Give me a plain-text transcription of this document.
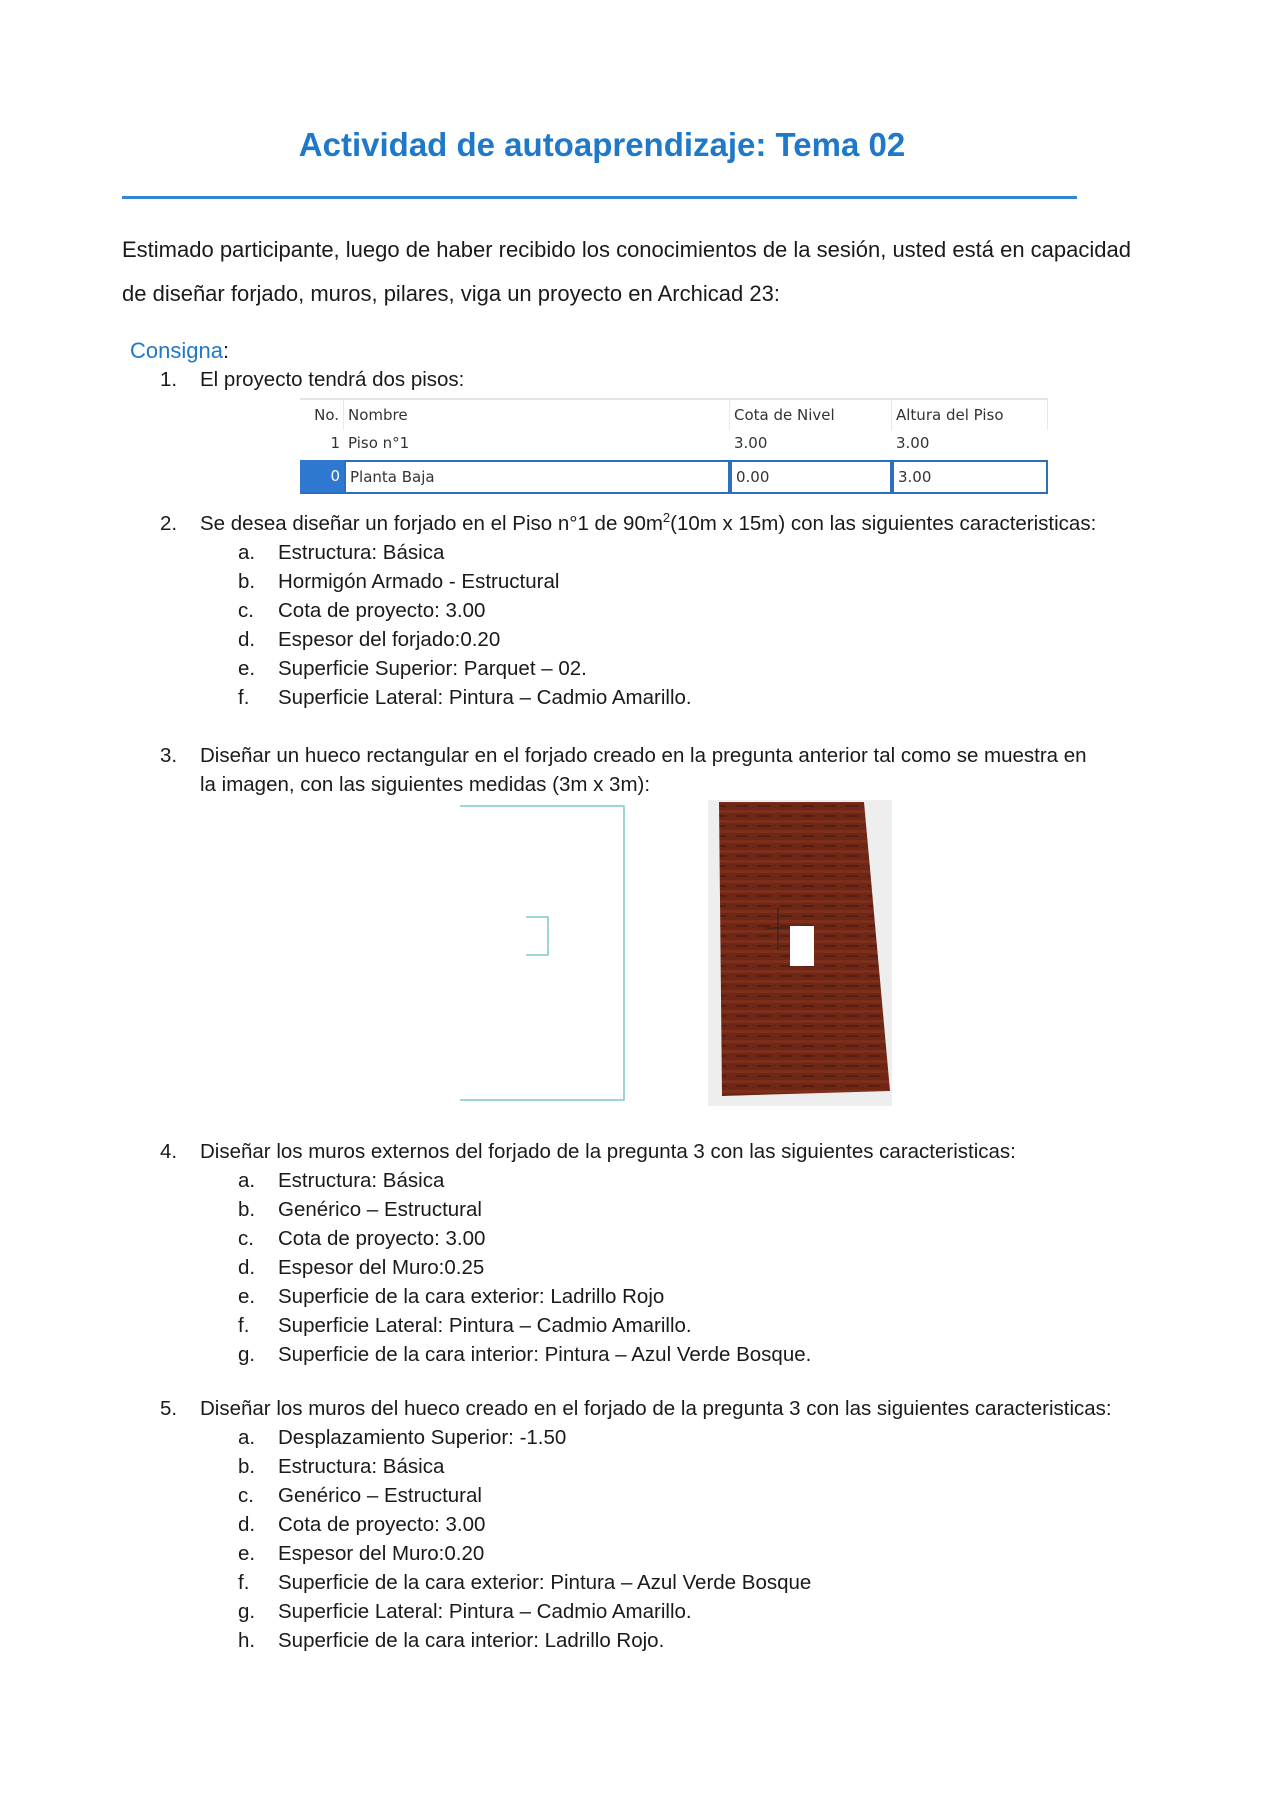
Actividad de autoaprendizaje: Tema 02
Estimado participante, luego de haber recibido los conocimientos de la sesión, usted está en capacidad de diseñar forjado, muros, pilares, viga un proyecto en Archicad 23:
Consigna:
1.	El proyecto tendrá dos pisos:
No. Nombre	Cota de Nivel	Altura del Piso
1 Piso n°1	3.00	3.00
0 Planta Baja	0.00	3.00
2.	Se desea diseñar un forjado en el Piso n°1 de $90m^2(10m$ x 15m) con las siguientes caracteristicas:
a.	Estructura: Básica
b.	Hormigón Armado - Estructural
c.	Cota de proyecto: 3.00
d.	Espesor del forjado:0.20
e.	Superficie Superior: Parquet – 02.
f.	Superficie Lateral: Pintura – Cadmio Amarillo.
3.	Diseñar un hueco rectangular en el forjado creado en la pregunta anterior tal como se muestra en
la imagen, con las siguientes medidas (3m x 3m):
4.	Diseñar los muros externos del forjado de la pregunta 3 con las siguientes caracteristicas:
a.	Estructura: Básica
b.	Genérico – Estructural
c.	Cota de proyecto: 3.00
d.	Espesor del Muro:0.25
e.	Superficie de la cara exterior: Ladrillo Rojo
f.	Superficie Lateral: Pintura – Cadmio Amarillo.
g.	Superficie de la cara interior: Pintura – Azul Verde Bosque.
5.	Diseñar los muros del hueco creado en el forjado de la pregunta 3 con las siguientes caracteristicas:
a.	Desplazamiento Superior: -1.50
b.	Estructura: Básica
c.	Genérico – Estructural
d.	Cota de proyecto: 3.00
e.	Espesor del Muro:0.20
f.	Superficie de la cara exterior: Pintura – Azul Verde Bosque
g.	Superficie Lateral: Pintura – Cadmio Amarillo.
h.	Superficie de la cara interior: Ladrillo Rojo.
